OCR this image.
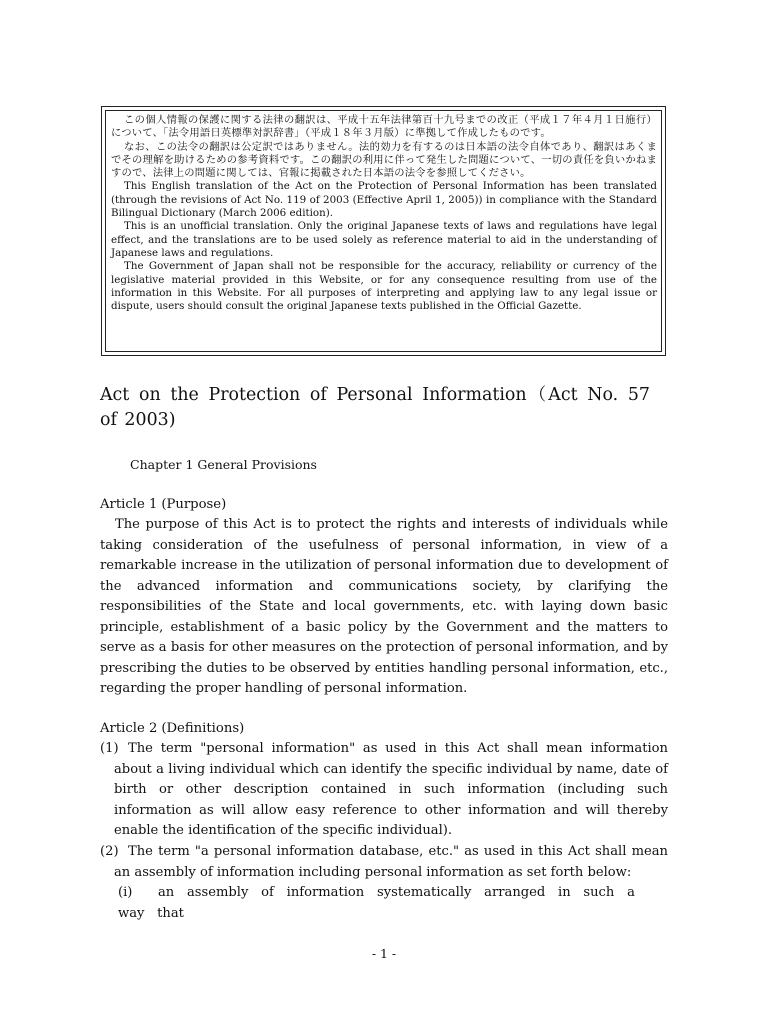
この個人情報の保護に関する法律の翻訳は、平成十五年法律第百十九号までの改正（平成１７年４月１日施行）について、「法令用語日英標準対訳辞書」（平成１８年３月版）に準拠して作成したものです。

なお、この法令の翻訳は公定訳ではありません。法的効力を有するのは日本語の法令自体であり、翻訳はあくまでその理解を助けるための参考資料です。この翻訳の利用に伴って発生した問題について、一切の責任を負いかねますので、法律上の問題に関しては、官報に掲載された日本語の法令を参照してください。

This English translation of the Act on the Protection of Personal Information has been translated (through the revisions of Act No. 119 of 2003 (Effective April 1, 2005)) in compliance with the Standard Bilingual Dictionary (March 2006 edition).

This is an unofficial translation. Only the original Japanese texts of laws and regulations have legal effect, and the translations are to be used solely as reference material to aid in the understanding of Japanese laws and regulations.

The Government of Japan shall not be responsible for the accuracy, reliability or currency of the legislative material provided in this Website, or for any consequence resulting from use of the information in this Website. For all purposes of interpreting and applying law to any legal issue or dispute, users should consult the original Japanese texts published in the Official Gazette.

Act on the Protection of Personal Information（Act No. 57 of 2003)
Chapter 1 General Provisions
Article 1 (Purpose)

The purpose of this Act is to protect the rights and interests of individuals while taking consideration of the usefulness of personal information, in view of a remarkable increase in the utilization of personal information due to development of the advanced information and communications society, by clarifying the responsibilities of the State and local governments, etc. with laying down basic principle, establishment of a basic policy by the Government and the matters to serve as a basis for other measures on the protection of personal information, and by prescribing the duties to be observed by entities handling personal information, etc., regarding the proper handling of personal information.

Article 2 (Definitions)
(1) The term "personal information" as used in this Act shall mean information about a living individual which can identify the specific individual by name, date of birth or other description contained in such information (including such information as will allow easy reference to other information and will thereby enable the identification of the specific individual).
(2) The term "a personal information database, etc." as used in this Act shall mean an assembly of information including personal information as set forth below:
(i) an assembly of information systematically arranged in such a way that
- 1 -
